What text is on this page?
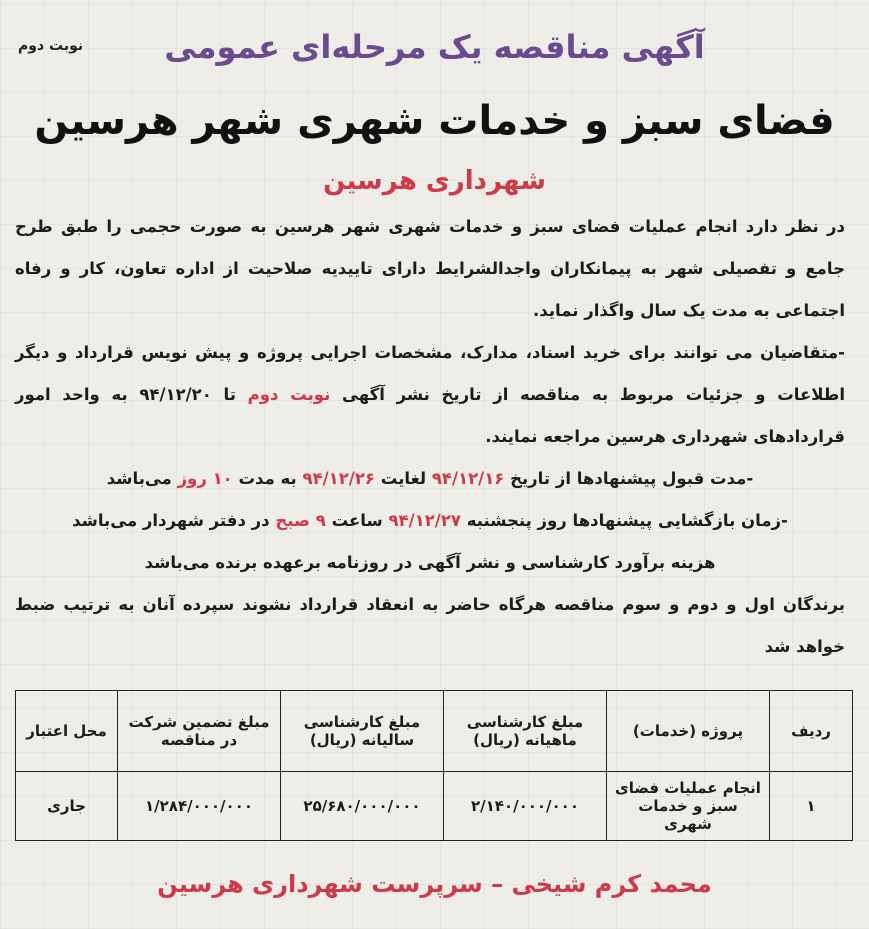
نوبت دوم	آگهی مناقصه یک مرحله‌ای عمومی
فضای سبز و خدمات شهری شهر هرسین
شهرداری هرسین

در نظر دارد انجام عملیات فضای سبز و خدمات شهری شهر هرسین به صورت حجمی را طبق طرح جامع و تفصیلی شهر به پیمانکاران واجدالشرایط دارای تاییدیه صلاحیت از اداره تعاون، کار و رفاه اجتماعی به مدت یک سال واگذار نماید.

-متقاضیان می توانند برای خرید اسناد، مدارک، مشخصات اجرایی پروژه و پیش نویس قرارداد و دیگر اطلاعات و جزئیات مربوط به مناقصه از تاریخ نشر آگهی نوبت دوم تا ۹۴/۱۲/۲۰ به واحد امور قراردادهای شهرداری هرسین مراجعه نمایند.

-مدت قبول پیشنهادها از تاریخ ۹۴/۱۲/۱۶ لغایت ۹۴/۱۲/۲۶ به مدت ۱۰ روز می‌باشد

-زمان بازگشایی پیشنهادها روز پنجشنبه ۹۴/۱۲/۲۷ ساعت ۹ صبح در دفتر شهردار می‌باشد

هزینه برآورد کارشناسی و نشر آگهی در روزنامه برعهده برنده می‌باشد

برندگان اول و دوم و سوم مناقصه هرگاه حاضر به انعقاد قرارداد نشوند سپرده آنان به ترتیب ضبط خواهد شد

ردیف	پروژه (خدمات)	مبلغ کارشناسی ماهیانه (ریال)	مبلغ کارشناسی سالیانه (ریال)	مبلغ تضمین شرکت در مناقصه	محل اعتبار
۱	انجام عملیات فضای سبز و خدمات شهری	۲/۱۴۰/۰۰۰/۰۰۰	۲۵/۶۸۰/۰۰۰/۰۰۰	۱/۲۸۴/۰۰۰/۰۰۰	جاری
محمد کرم شیخی – سرپرست شهرداری هرسین
